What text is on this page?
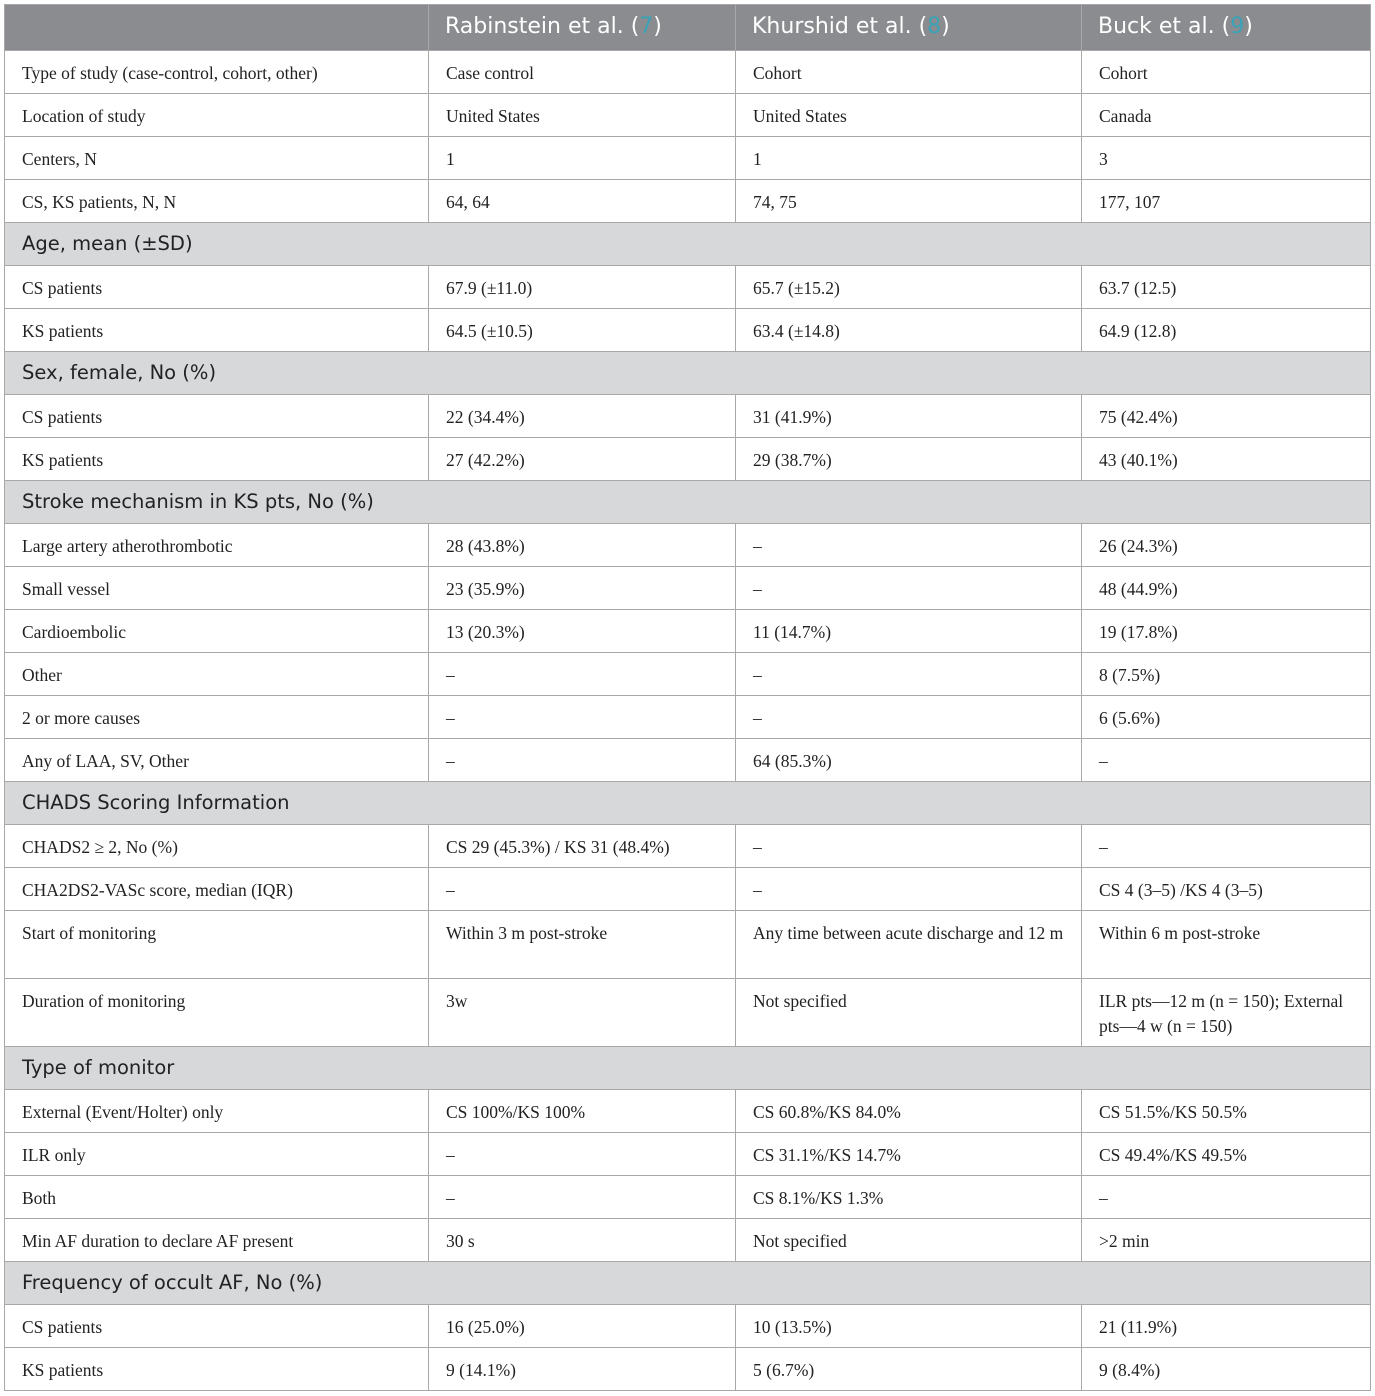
	Rabinstein et al. (7)	Khurshid et al. (8)	Buck et al. (9)
Type of study (case-control, cohort, other)	Case control	Cohort	Cohort
Location of study	United States	United States	Canada
Centers, N	1	1	3
CS, KS patients, N, N	64, 64	74, 75	177, 107
Age, mean (±SD)			
CS patients	67.9 (±11.0)	65.7 (±15.2)	63.7 (12.5)
KS patients	64.5 (±10.5)	63.4 (±14.8)	64.9 (12.8)
Sex, female, No (%)			
CS patients	22 (34.4%)	31 (41.9%)	75 (42.4%)
KS patients	27 (42.2%)	29 (38.7%)	43 (40.1%)
Stroke mechanism in KS pts, No (%)			
Large artery atherothrombotic	28 (43.8%)	–	26 (24.3%)
Small vessel	23 (35.9%)	–	48 (44.9%)
Cardioembolic	13 (20.3%)	11 (14.7%)	19 (17.8%)
Other	–	–	8 (7.5%)
2 or more causes	–	–	6 (5.6%)
Any of LAA, SV, Other	–	64 (85.3%)	–
CHADS Scoring Information			
CHADS2 ≥ 2, No (%)	CS 29 (45.3%) / KS 31 (48.4%)	–	–
CHA2DS2-VASc score, median (IQR)	–	–	CS 4 (3–5) /KS 4 (3–5)
Start of monitoring	Within 3 m post-stroke	Any time between acute discharge and 12 m	Within 6 m post-stroke
Duration of monitoring	3w	Not specified	ILR pts—12 m (n = 150); External pts—4 w (n = 150)
Type of monitor			
External (Event/Holter) only	CS 100%/KS 100%	CS 60.8%/KS 84.0%	CS 51.5%/KS 50.5%
ILR only	–	CS 31.1%/KS 14.7%	CS 49.4%/KS 49.5%
Both	–	CS 8.1%/KS 1.3%	–
Min AF duration to declare AF present	30 s	Not specified	>2 min
Frequency of occult AF, No (%)			
CS patients	16 (25.0%)	10 (13.5%)	21 (11.9%)
KS patients	9 (14.1%)	5 (6.7%)	9 (8.4%)
